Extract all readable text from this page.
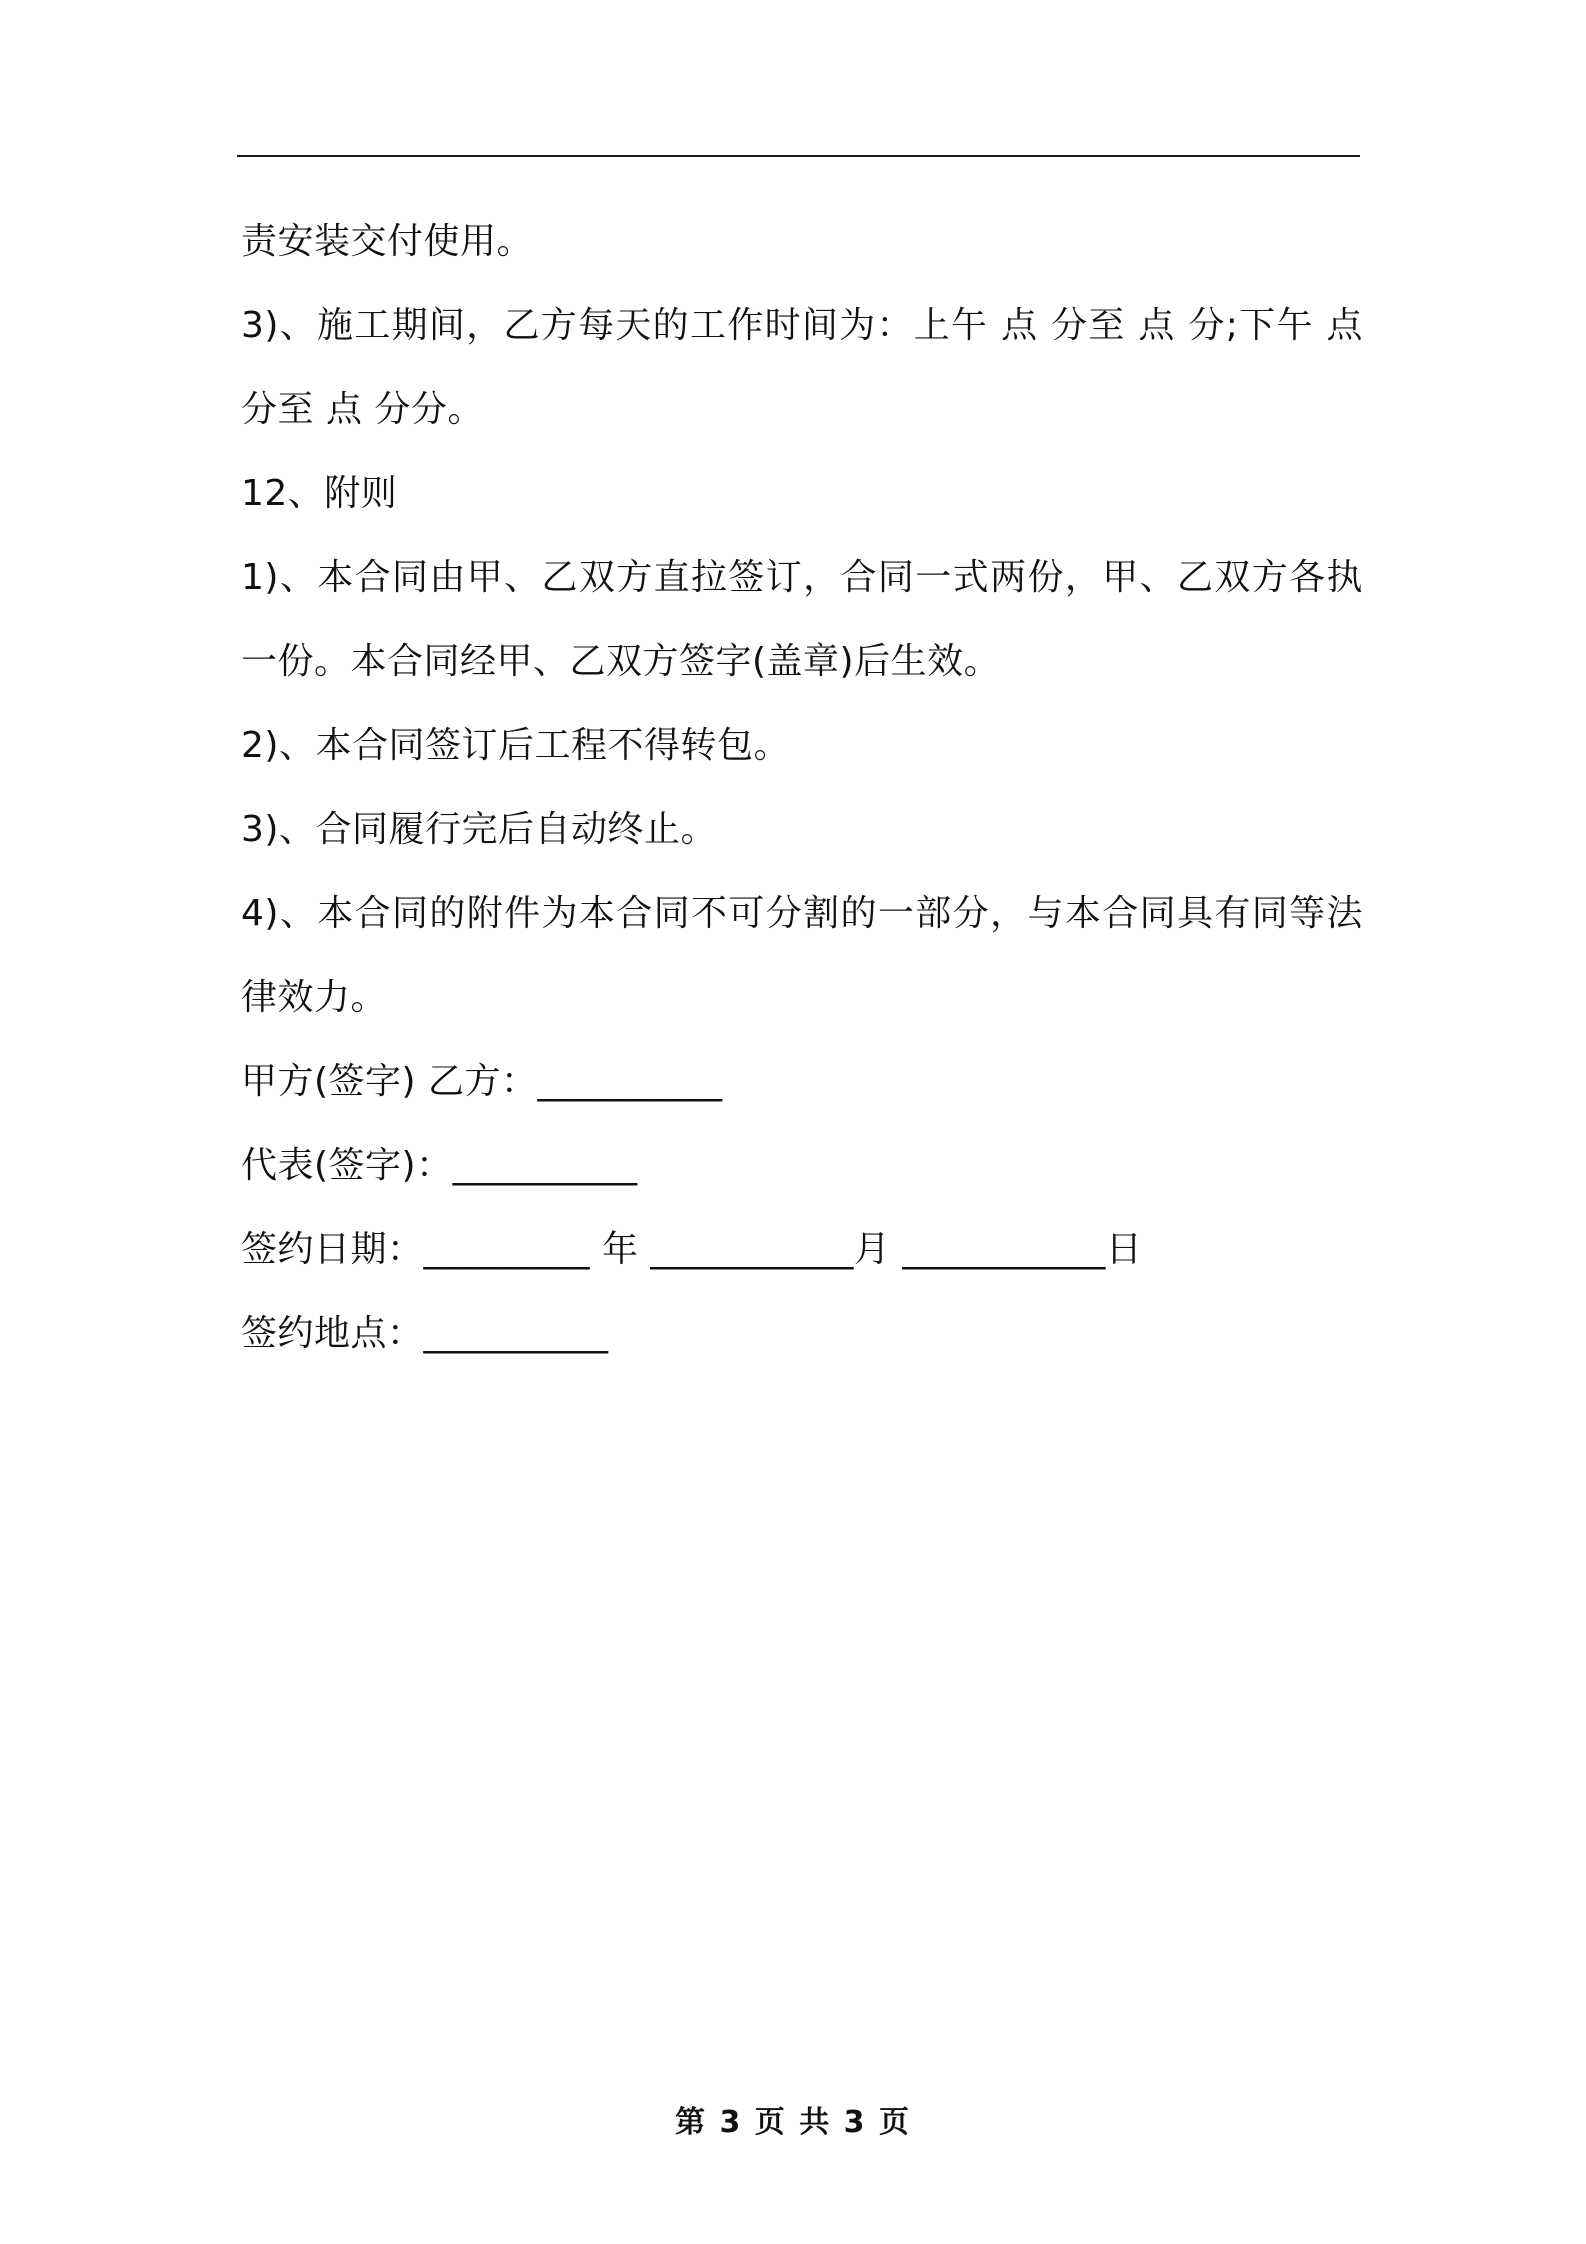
责安装交付使用。
3)、施工期间，乙方每天的工作时间为：上午 点 分至 点 分;下午 点
分至 点 分分。
12、附则
1)、本合同由甲、乙双方直拉签订，合同一式两份，甲、乙双方各执
一份。本合同经甲、乙双方签字(盖章)后生效。
2)、本合同签订后工程不得转包。
3)、合同履行完后自动终止。
4)、本合同的附件为本合同不可分割的一部分，与本合同具有同等法
律效力。
甲方(签字) 乙方：__________
代表(签字)：__________
签约日期：_________ 年 ___________月 ___________日
签约地点：__________
第 3 页 共 3 页
